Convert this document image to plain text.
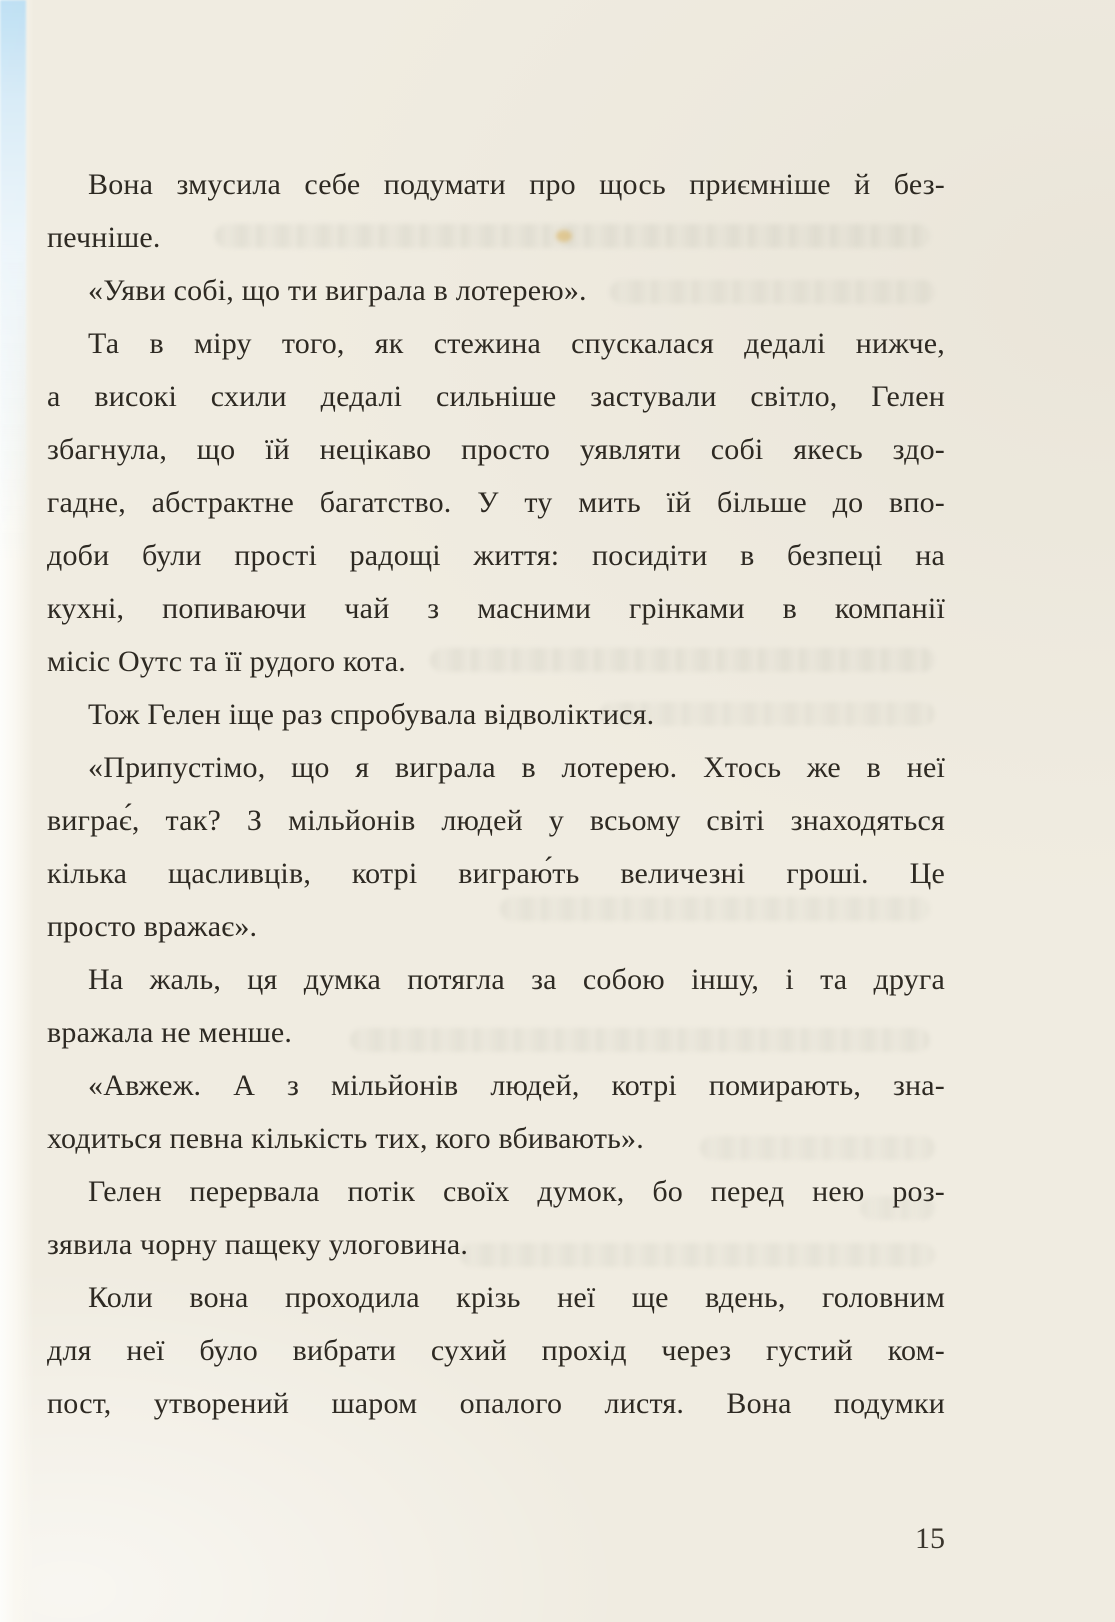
Вона змусила себе подумати про щось приємніше й без-
печніше.
«Уяви собі, що ти виграла в лотерею».
Та в міру того, як стежина спускалася дедалі нижче,
а високі схили дедалі сильніше застували світло, Гелен
збагнула, що їй нецікаво просто уявляти собі якесь здо-
гадне, абстрактне багатство. У ту мить їй більше до впо-
доби були прості радощі життя: посидіти в безпеці на
кухні, попиваючи чай з масними грінками в компанії
місіс Оутс та її рудого кота.
Тож Гелен іще раз спробувала відволіктися.
«Припустімо, що я виграла в лотерею. Хтось же в неї
виграє́, так? З мільйонів людей у всьому світі знаходяться
кілька щасливців, котрі виграю́ть величезні гроші. Це
просто вражає».
На жаль, ця думка потягла за собою іншу, і та друга
вражала не менше.
«Авжеж. А з мільйонів людей, котрі помирають, зна-
ходиться певна кількість тих, кого вбивають».
Гелен перервала потік своїх думок, бо перед нею роз-
зявила чорну пащеку улоговина.
Коли вона проходила крізь неї ще вдень, головним
для неї було вибрати сухий прохід через густий ком-
пост, утворений шаром опалого листя. Вона подумки
15
